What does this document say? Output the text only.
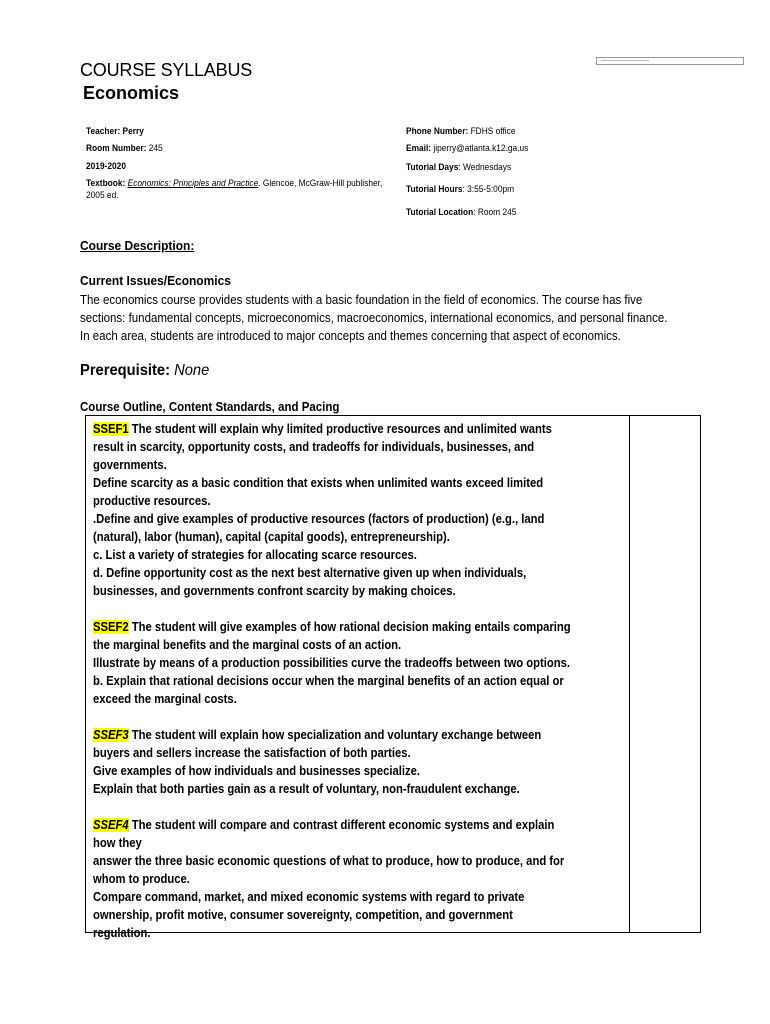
COURSE SYLLABUS
Economics
Teacher: Perry
Room Number: 245
2019-2020
Textbook: Economics: Principles and Practice. Glencoe, McGraw-Hill publisher, 2005 ed.
Phone Number: FDHS office
Email: jiperry@atlanta.k12.ga.us
Tutorial Days: Wednesdays
Tutorial Hours: 3:55-5:00pm
Tutorial Location: Room 245
Course Description:
Current Issues/Economics
The economics course provides students with a basic foundation in the field of economics. The course has five sections: fundamental concepts, microeconomics, macroeconomics, international economics, and personal finance. In each area, students are introduced to major concepts and themes concerning that aspect of economics.
Prerequisite: None
Course Outline, Content Standards, and Pacing
SSEF1 The student will explain why limited productive resources and unlimited wants
result in scarcity, opportunity costs, and tradeoffs for individuals, businesses, and
governments.
Define scarcity as a basic condition that exists when unlimited wants exceed limited
productive resources.
.Define and give examples of productive resources (factors of production) (e.g., land
(natural), labor (human), capital (capital goods), entrepreneurship).
c. List a variety of strategies for allocating scarce resources.
d. Define opportunity cost as the next best alternative given up when individuals,
businesses, and governments confront scarcity by making choices.
SSEF2 The student will give examples of how rational decision making entails comparing
the marginal benefits and the marginal costs of an action.
Illustrate by means of a production possibilities curve the tradeoffs between two options.
b. Explain that rational decisions occur when the marginal benefits of an action equal or
exceed the marginal costs.
SSEF3 The student will explain how specialization and voluntary exchange between
buyers and sellers increase the satisfaction of both parties.
Give examples of how individuals and businesses specialize.
Explain that both parties gain as a result of voluntary, non-fraudulent exchange.
SSEF4 The student will compare and contrast different economic systems and explain
how they
answer the three basic economic questions of what to produce, how to produce, and for
whom to produce.
Compare command, market, and mixed economic systems with regard to private
ownership, profit motive, consumer sovereignty, competition, and government
regulation.
